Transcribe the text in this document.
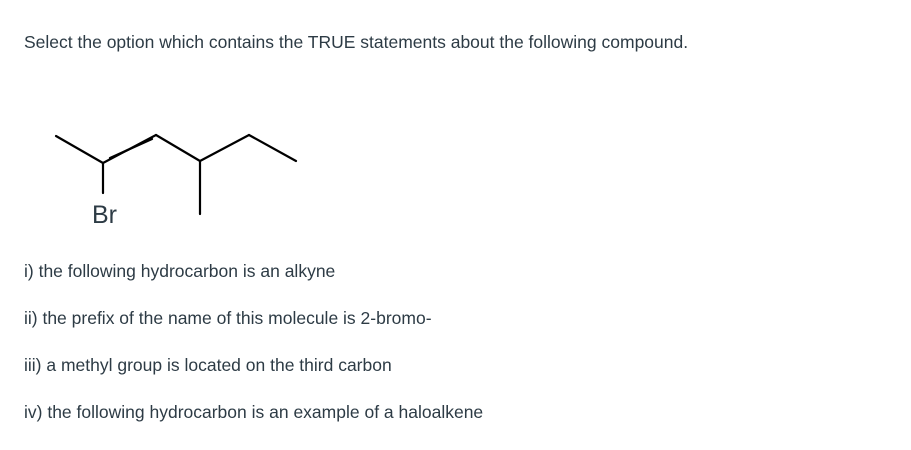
Select the option which contains the TRUE statements about the following compound.
Br
i) the following hydrocarbon is an alkyne
ii) the prefix of the name of this molecule is 2-bromo-
iii) a methyl group is located on the third carbon
iv) the following hydrocarbon is an example of a haloalkene
